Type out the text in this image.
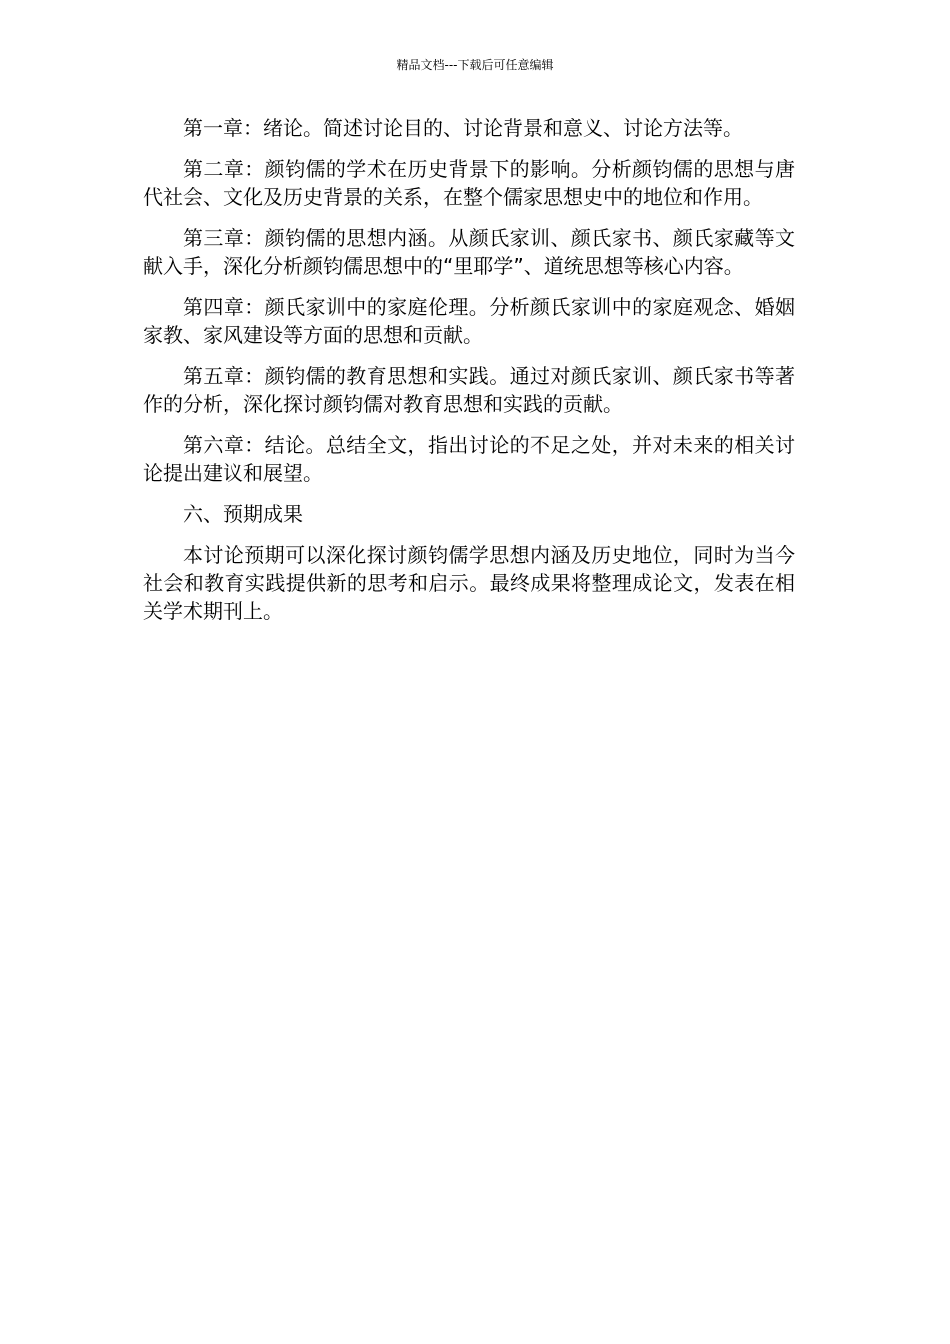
精品文档---下载后可任意编辑

第一章：绪论。简述讨论目的、讨论背景和意义、讨论方法等。

第二章：颜钧儒的学术在历史背景下的影响。分析颜钧儒的思想与唐代社会、文化及历史背景的关系，在整个儒家思想史中的地位和作用。

第三章：颜钧儒的思想内涵。从颜氏家训、颜氏家书、颜氏家藏等文献入手，深化分析颜钧儒思想中的“里耶学”、道统思想等核心内容。

第四章：颜氏家训中的家庭伦理。分析颜氏家训中的家庭观念、婚姻家教、家风建设等方面的思想和贡献。

第五章：颜钧儒的教育思想和实践。通过对颜氏家训、颜氏家书等著作的分析，深化探讨颜钧儒对教育思想和实践的贡献。

第六章：结论。总结全文，指出讨论的不足之处，并对未来的相关讨论提出建议和展望。

六、预期成果

本讨论预期可以深化探讨颜钧儒学思想内涵及历史地位，同时为当今社会和教育实践提供新的思考和启示。最终成果将整理成论文，发表在相关学术期刊上。
